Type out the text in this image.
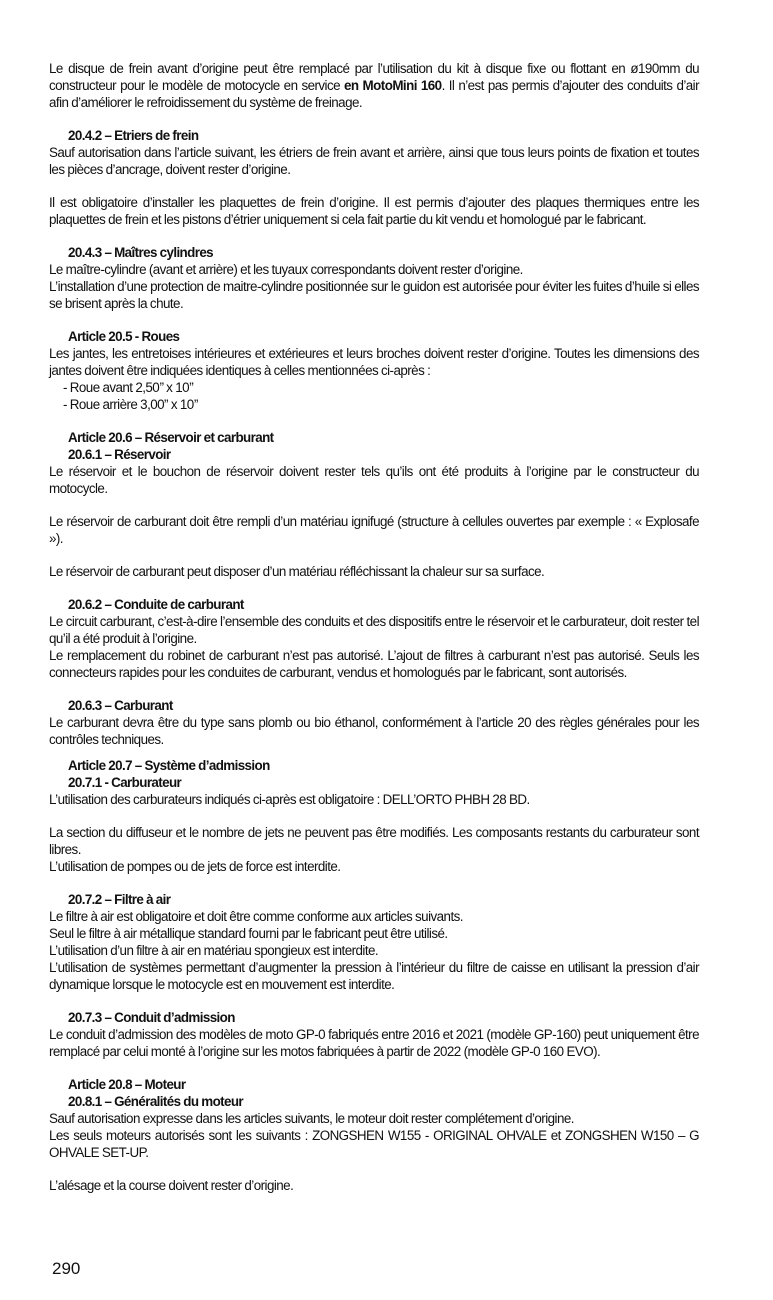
Le disque de frein avant d’origine peut être remplacé par l’utilisation du kit à disque fixe ou flottant en ø190mm du constructeur pour le modèle de motocycle en service en MotoMini 160. Il n’est pas permis d’ajouter des conduits d’air afin d’améliorer le refroidissement du système de freinage.

20.4.2 – Etriers de frein

Sauf autorisation dans l’article suivant, les étriers de frein avant et arrière, ainsi que tous leurs points de fixation et toutes les pièces d’ancrage, doivent rester d’origine.

Il est obligatoire d’installer les plaquettes de frein d’origine. Il est permis d’ajouter des plaques thermiques entre les plaquettes de frein et les pistons d’étrier uniquement si cela fait partie du kit vendu et homologué par le fabricant.

20.4.3 – Maîtres cylindres

Le maître-cylindre (avant et arrière) et les tuyaux correspondants doivent rester d’origine.

L’installation d’une protection de maitre-cylindre positionnée sur le guidon est autorisée pour éviter les fuites d’huile si elles se brisent après la chute.

Article 20.5 - Roues

Les jantes, les entretoises intérieures et extérieures et leurs broches doivent rester d’origine. Toutes les dimensions des jantes doivent être indiquées identiques à celles mentionnées ci-après :

- Roue avant 2,50’’ x 10’’
- Roue arrière 3,00” x 10’’
Article 20.6 – Réservoir et carburant
20.6.1 – Réservoir

Le réservoir et le bouchon de réservoir doivent rester tels qu’ils ont été produits à l’origine par le constructeur du motocycle.

Le réservoir de carburant doit être rempli d’un matériau ignifugé (structure à cellules ouvertes par exemple : « Explosafe »).

Le réservoir de carburant peut disposer d’un matériau réfléchissant la chaleur sur sa surface.

20.6.2 – Conduite de carburant

Le circuit carburant, c’est-à-dire l’ensemble des conduits et des dispositifs entre le réservoir et le carburateur, doit rester tel qu’il a été produit à l’origine.

Le remplacement du robinet de carburant n’est pas autorisé. L’ajout de filtres à carburant n’est pas autorisé. Seuls les connecteurs rapides pour les conduites de carburant, vendus et homologués par le fabricant, sont autorisés.

20.6.3 – Carburant

Le carburant devra être du type sans plomb ou bio éthanol, conformément à l’article 20 des règles générales pour les contrôles techniques.

Article 20.7 – Système d’admission
20.7.1 - Carburateur

L’utilisation des carburateurs indiqués ci-après est obligatoire : DELL’ORTO PHBH 28 BD.

La section du diffuseur et le nombre de jets ne peuvent pas être modifiés. Les composants restants du carburateur sont libres.

L’utilisation de pompes ou de jets de force est interdite.

20.7.2 – Filtre à air

Le filtre à air est obligatoire et doit être comme conforme aux articles suivants.

Seul le filtre à air métallique standard fourni par le fabricant peut être utilisé.

L’utilisation d’un filtre à air en matériau spongieux est interdite.

L’utilisation de systèmes permettant d’augmenter la pression à l’intérieur du filtre de caisse en utilisant la pression d’air dynamique lorsque le motocycle est en mouvement est interdite.

20.7.3 – Conduit d’admission

Le conduit d’admission des modèles de moto GP-0 fabriqués entre 2016 et 2021 (modèle GP-160) peut uniquement être remplacé par celui monté à l’origine sur les motos fabriquées à partir de 2022 (modèle GP-0 160 EVO).

Article 20.8 – Moteur
20.8.1 – Généralités du moteur

Sauf autorisation expresse dans les articles suivants, le moteur doit rester complétement d’origine.

Les seuls moteurs autorisés sont les suivants : ZONGSHEN W155 - ORIGINAL OHVALE et ZONGSHEN W150 – G OHVALE SET-UP.

L’alésage et la course doivent rester d’origine.

290
